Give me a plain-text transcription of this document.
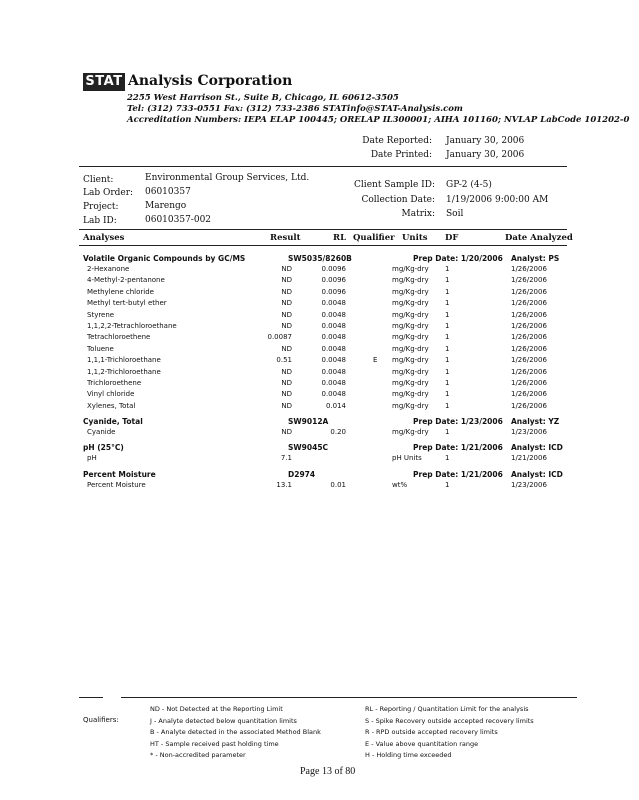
STAT Analysis Corporation
2255 West Harrison St., Suite B, Chicago, IL 60612-3505
Tel: (312) 733-0551 Fax: (312) 733-2386 STATinfo@STAT-Analysis.com
Accreditation Numbers: IEPA ELAP 100445; ORELAP IL300001; AIHA 101160; NVLAP LabCode 101202-0
Date Reported: January 30, 2006
Date Printed: January 30, 2006
Client:	Environmental Group Services, Ltd.
Lab Order: 06010357
Project:	Marengo
Lab ID:	06010357-002
Client Sample ID: GP-2 (4-5)
Collection Date: 1/19/2006 9:00:00 AM
Matrix: Soil
Analyses	Result	RL Qualifier Units DF	Date Analyzed
Volatile Organic Compounds by GC/MS	SW5035/8260B	Prep Date: 1/20/2006 Analyst: PS
2-Hexanone	ND	0.0096	mg/Kg-dry 1	1/26/2006
4-Methyl-2-pentanone	ND	0.0096	mg/Kg-dry 1	1/26/2006
Methylene chloride	ND	0.0096	mg/Kg-dry 1	1/26/2006
Methyl tert-butyl ether	ND	0.0048	mg/Kg-dry 1	1/26/2006
Styrene	ND	0.0048	mg/Kg-dry 1	1/26/2006
1,1,2,2-Tetrachloroethane	ND	0.0048	mg/Kg-dry 1	1/26/2006
Tetrachloroethene	0.0087	0.0048	mg/Kg-dry 1	1/26/2006
Toluene	ND	0.0048	mg/Kg-dry 1	1/26/2006
1,1,1-Trichloroethane	0.51	0.0048	E mg/Kg-dry 1	1/26/2006
1,1,2-Trichloroethane	ND	0.0048	mg/Kg-dry 1	1/26/2006
Trichloroethene	ND	0.0048	mg/Kg-dry 1	1/26/2006
Vinyl chloride	ND	0.0048	mg/Kg-dry 1	1/26/2006
Xylenes, Total	ND	0.014	mg/Kg-dry 1	1/26/2006
Cyanide, Total	SW9012A	Prep Date: 1/23/2006 Analyst: YZ
Cyanide	ND	0.20	mg/Kg-dry 1	1/23/2006
pH (25°C)	SW9045C	Prep Date: 1/21/2006 Analyst: ICD
pH	7.1	pH Units	1	1/21/2006
Percent Moisture	D2974	Prep Date: 1/21/2006 Analyst: ICD
Percent Moisture	13.1	0.01	wt%	1	1/23/2006
Qualifiers:
ND - Not Detected at the Reporting Limit
J - Analyte detected below quantitation limits
B - Analyte detected in the associated Method Blank
HT - Sample received past holding time
* - Non-accredited parameter
RL - Reporting / Quantitation Limit for the analysis
S - Spike Recovery outside accepted recovery limits
R - RPD outside accepted recovery limits
E - Value above quantitation range
H - Holding time exceeded
Page 13 of 80
